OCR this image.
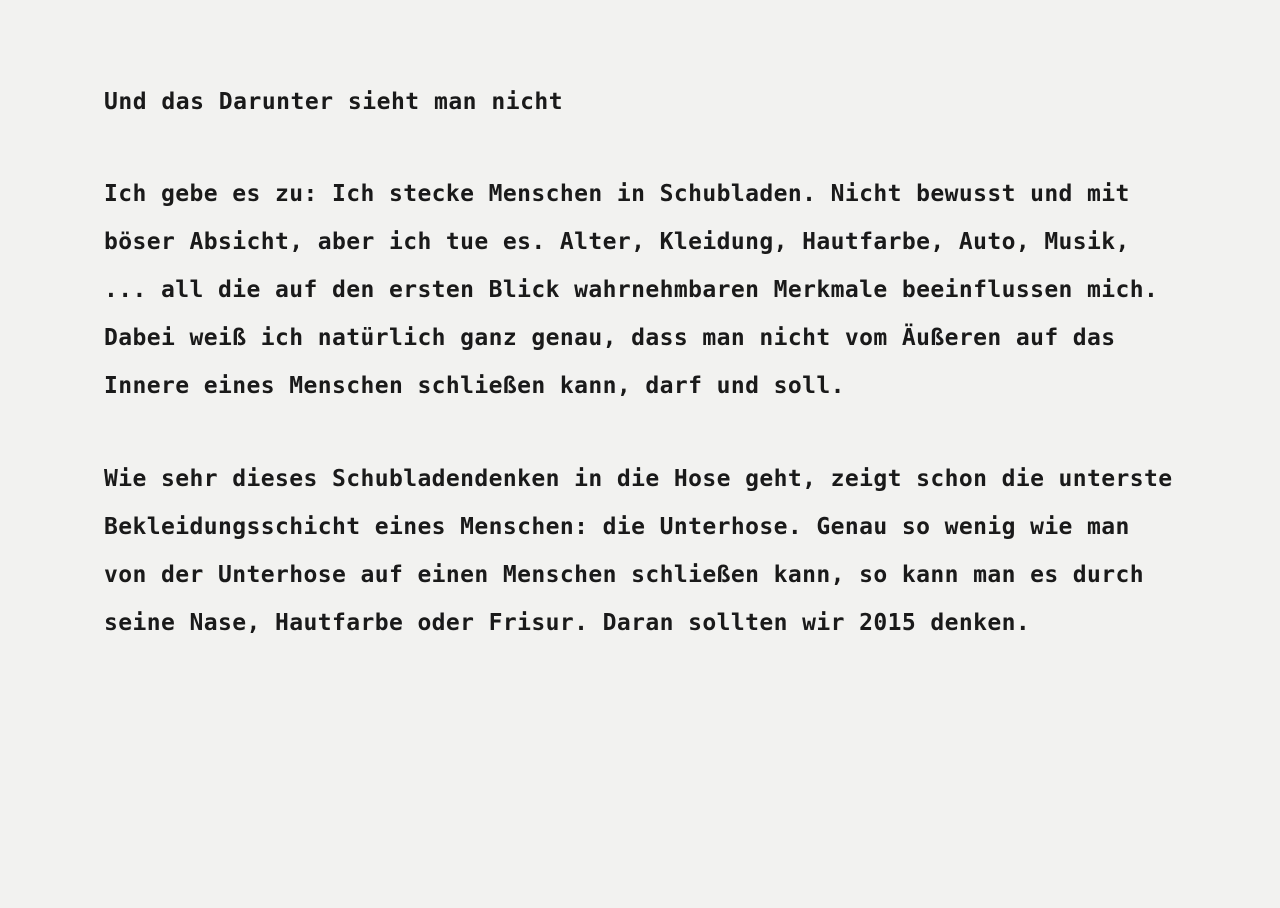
Und das Darunter sieht man nicht

Ich gebe es zu: Ich stecke Menschen in Schubladen. Nicht bewusst und mit böser Absicht, aber ich tue es. Alter, Kleidung, Hautfarbe, Auto, Musik, ... all die auf den ersten Blick wahrnehmbaren Merkmale beeinflussen mich. Dabei weiß ich natürlich ganz genau, dass man nicht vom Äußeren auf das Innere eines Menschen schließen kann, darf und soll.

Wie sehr dieses Schubladendenken in die Hose geht, zeigt schon die unterste Bekleidungsschicht eines Menschen: die Unterhose. Genau so wenig wie man von der Unterhose auf einen Menschen schließen kann, so kann man es durch seine Nase, Hautfarbe oder Frisur. Daran sollten wir 2015 denken.
